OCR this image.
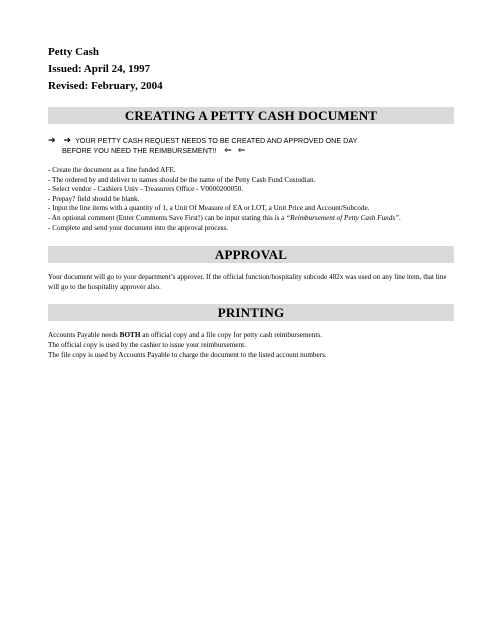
Petty Cash
Issued: April 24, 1997
Revised: February, 2004
CREATING A PETTY CASH DOCUMENT
➔ ➔ YOUR PETTY CASH REQUEST NEEDS TO BE CREATED AND APPROVED ONE DAY
BEFORE YOU NEED THE REIMBURSEMENT!! ⇐ ⇐
- Create the document as a line funded AFE.
- The ordered by and deliver to names should be the name of the Petty Cash Fund Custodian.
- Select vendor - Cashiers Univ - Treasurers Office - V0000200050.
- Prepay? field should be blank.
- Input the line items with a quantity of 1, a Unit Of Measure of EA or LOT, a Unit Price and Account/Subcode.
- An optional comment (Enter Comments Save First!) can be input stating this is a “Reimbursement of Petty Cash Funds”.
- Complete and send your document into the approval process.
APPROVAL
Your document will go to your department’s approver. If the official function/hospitality subcode 482x was used on any line item, that line will go to the hospitality approver also.
PRINTING
Accounts Payable needs BOTH an official copy and a file copy for petty cash reimbursements.
The official copy is used by the cashier to issue your reimbursement.
The file copy is used by Accounts Payable to charge the document to the listed account numbers.
